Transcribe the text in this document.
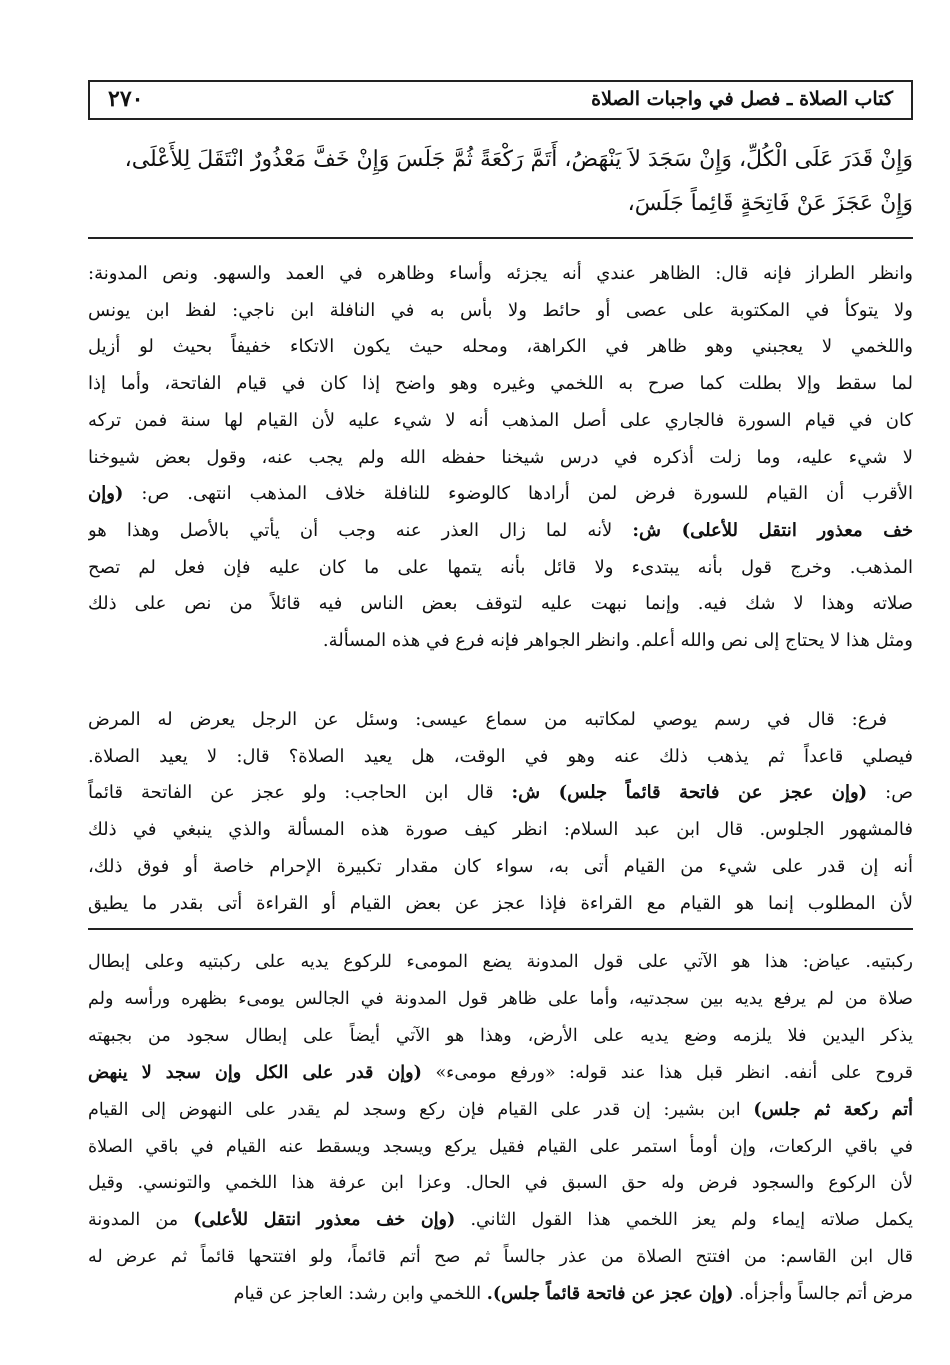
كتاب الصلاة ـ فصل في واجبات الصلاة
٢٧٠
وَإِنْ قَدَرَ عَلَى الْكُلِّ، وَإِنْ سَجَدَ لاَ يَنْهَضُ، أَتَمَّ رَكْعَةً ثُمَّ جَلَسَ وَإِنْ خَفَّ مَعْذُورٌ انْتَقَلَ لِلأَعْلَى،
وَإِنْ عَجَزَ عَنْ فَاتِحَةٍ قَائِماً جَلَسَ،
وانظر الطراز فإنه قال: الظاهر عندي أنه يجزئه وأساء وظاهره في العمد والسهو. ونص المدونة:
ولا يتوكأ في المكتوبة على عصى أو حائط ولا بأس به في النافلة ابن ناجي: لفظ ابن يونس
واللخمي لا يعجبني وهو ظاهر في الكراهة، ومحله حيث يكون الاتكاء خفيفاً بحيث لو أزيل
لما سقط وإلا بطلت كما صرح به اللخمي وغيره وهو واضح إذا كان في قيام الفاتحة، وأما إذا
كان في قيام السورة فالجاري على أصل المذهب أنه لا شيء عليه لأن القيام لها سنة فمن تركه
لا شيء عليه، وما زلت أذكره في درس شيخنا حفظه الله ولم يجب عنه، وقول بعض شيوخنا
الأقرب أن القيام للسورة فرض لمن أرادها كالوضوء للنافلة خلاف المذهب انتهى. ص: (وإن
خف معذور انتقل للأعلى) ش: لأنه لما زال العذر عنه وجب أن يأتي بالأصل وهذا هو
المذهب. وخرج قول بأنه يبتدىء ولا قائل بأنه يتمها على ما كان عليه فإن فعل لم تصح
صلاته وهذا لا شك فيه. وإنما نبهت عليه لتوقف بعض الناس فيه قائلاً من نص على ذلك
ومثل هذا لا يحتاج إلى نص والله أعلم. وانظر الجواهر فإنه فرع في هذه المسألة.
فرع: قال في رسم يوصي لمكاتبه من سماع عيسى: وسئل عن الرجل يعرض له المرض
فيصلي قاعداً ثم يذهب ذلك عنه وهو في الوقت، هل يعيد الصلاة؟ قال: لا يعيد الصلاة.
ص: (وإن عجز عن فاتحة قائماً جلس) ش: قال ابن الحاجب: ولو عجز عن الفاتحة قائماً
فالمشهور الجلوس. قال ابن عبد السلام: انظر كيف صورة هذه المسألة والذي ينبغي في ذلك
أنه إن قدر على شيء من القيام أتى به، سواء كان مقدار تكبيرة الإحرام خاصة أو فوق ذلك،
لأن المطلوب إنما هو القيام مع القراءة فإذا عجز عن بعض القيام أو القراءة أتى بقدر ما يطيق
ركبتيه. عياض: هذا هو الآتي على قول المدونة يضع المومىء للركوع يديه على ركبتيه وعلى إبطال
صلاة من لم يرفع يديه بين سجدتيه، وأما على ظاهر قول المدونة في الجالس يومىء بظهره ورأسه ولم
يذكر اليدين فلا يلزمه وضع يديه على الأرض، وهذا هو الآتي أيضاً على إبطال سجود من بجبهته
قروح على أنفه. انظر قبل هذا عند قوله: «ورفع مومىء» (وإن قدر على الكل وإن سجد لا ينهض
أتم ركعة ثم جلس) ابن بشير: إن قدر على القيام فإن ركع وسجد لم يقدر على النهوض إلى القيام
في باقي الركعات، وإن أومأ استمر على القيام فقيل يركع ويسجد ويسقط عنه القيام في باقي الصلاة
لأن الركوع والسجود فرض وله حق السبق في الحال. وعزا ابن عرفة هذا اللخمي والتونسي. وقيل
يكمل صلاته إيماء ولم يعز اللخمي هذا القول الثاني. (وإن خف معذور انتقل للأعلى) من المدونة
قال ابن القاسم: من افتتح الصلاة من عذر جالساً ثم صح أتم قائماً، ولو افتتحها قائماً ثم عرض له
مرض أتم جالساً وأجزأه. (وإن عجز عن فاتحة قائماً جلس). اللخمي وابن رشد: العاجز عن قيام
